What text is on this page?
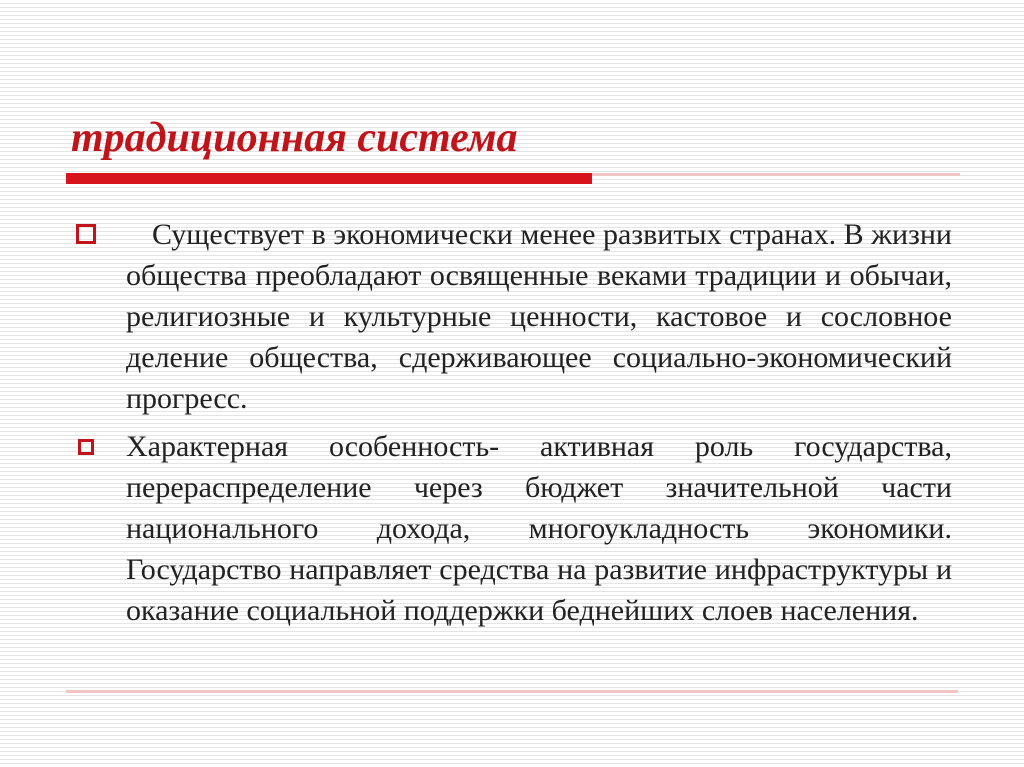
традиционная система
Существует в экономически менее развитых странах. В жизни общества преобладают освященные веками традиции и обычаи, религиозные и культурные ценности, кастовое и сословное деление общества, сдерживающее социально-экономический прогресс.
Характерная особенность- активная роль государства, перераспределение через бюджет значительной части национального дохода, многоукладность экономики. Государство направляет средства на развитие инфраструктуры и оказание социальной поддержки беднейших слоев населения.
